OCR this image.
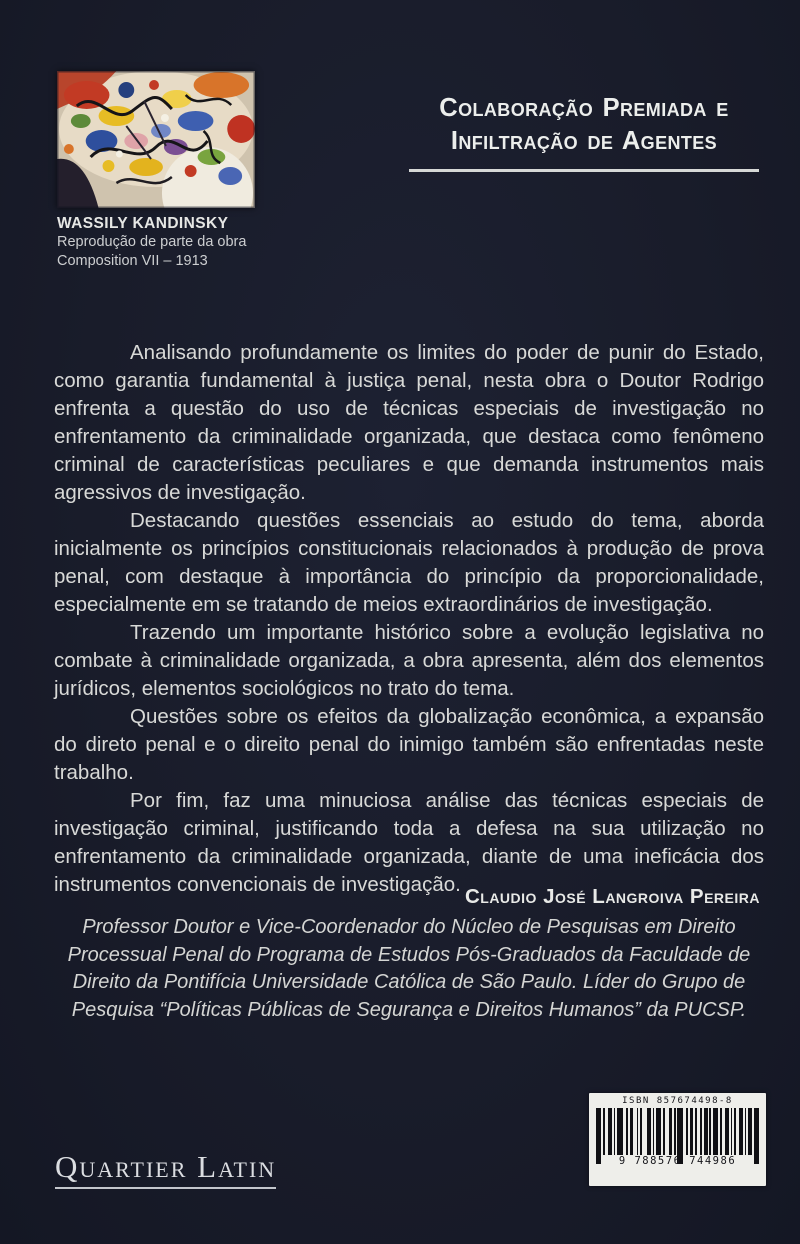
WASSILY KANDINSKY
Reprodução de parte da obra
Composition VII – 1913
Colaboração Premiada e
Infiltração de Agentes

Analisando profundamente os limites do poder de punir do Estado, como garantia fundamental à justiça penal, nesta obra o Doutor Rodrigo enfrenta a questão do uso de técnicas especiais de investigação no enfrentamento da criminalidade organizada, que destaca como fenômeno criminal de características peculiares e que demanda instrumentos mais agressivos de investigação.

Destacando questões essenciais ao estudo do tema, aborda inicialmente os princípios constitucionais relacionados à produção de prova penal, com destaque à importância do princípio da proporcionalidade, especialmente em se tratando de meios extraordinários de investigação.

Trazendo um importante histórico sobre a evolução legislativa no combate à criminalidade organizada, a obra apresenta, além dos elementos jurídicos, elementos sociológicos no trato do tema.

Questões sobre os efeitos da globalização econômica, a expansão do direto penal e o direito penal do inimigo também são enfrentadas neste trabalho.

Por fim, faz uma minuciosa análise das técnicas especiais de investigação criminal, justificando toda a defesa na sua utilização no enfrentamento da criminalidade organizada, diante de uma ineficácia dos instrumentos convencionais de investigação.

Claudio José Langroiva Pereira
Professor Doutor e Vice-Coordenador do Núcleo de Pesquisas em Direito
Processual Penal do Programa de Estudos Pós-Graduados da Faculdade de
Direito da Pontifícia Universidade Católica de São Paulo. Líder do Grupo de
Pesquisa “Políticas Públicas de Segurança e Direitos Humanos” da PUCSP.
Quartier Latin
ISBN 857674498-8
9 788576 744986
